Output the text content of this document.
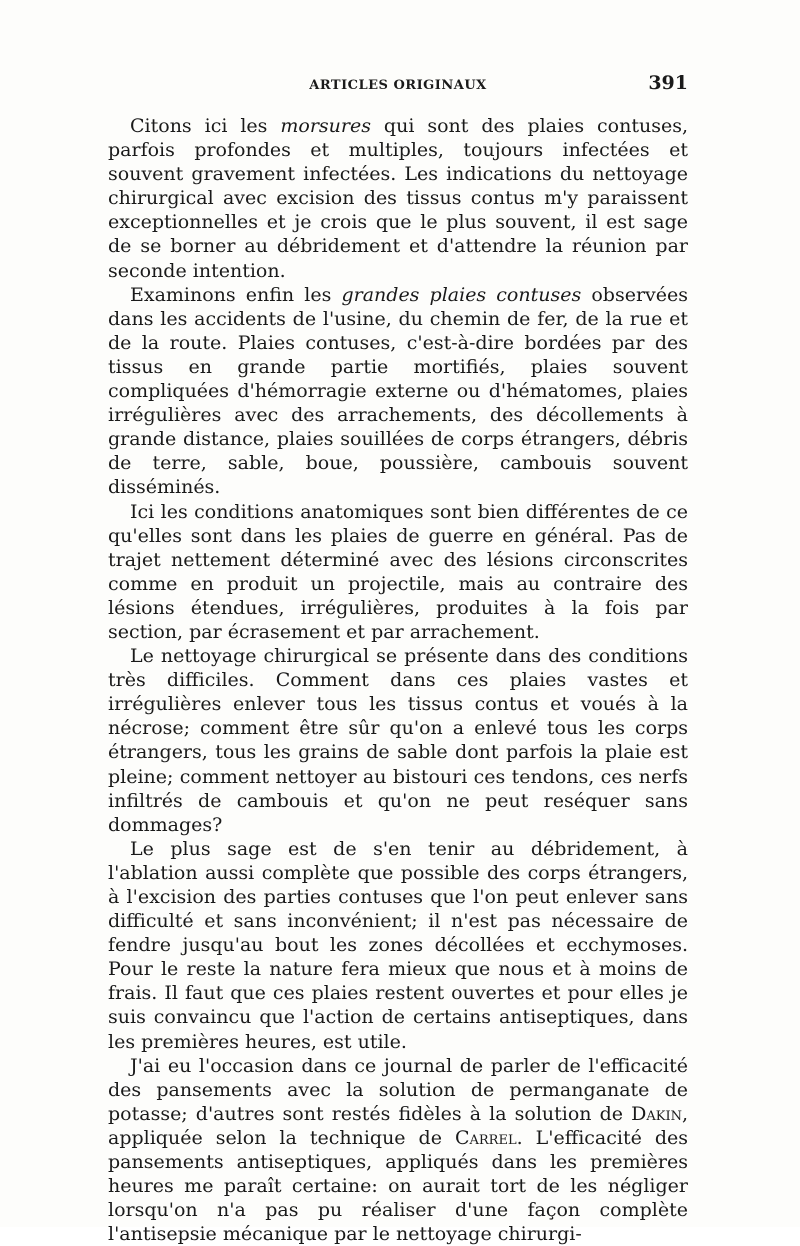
ARTICLES ORIGINAUX	391

Citons ici les morsures qui sont des plaies contuses, parfois profondes et multiples, toujours infectées et souvent gravement infectées. Les indications du nettoyage chirurgical avec excision des tissus contus m'y paraissent exceptionnelles et je crois que le plus souvent, il est sage de se borner au débridement et d'attendre la réunion par seconde intention.

Examinons enfin les grandes plaies contuses observées dans les accidents de l'usine, du chemin de fer, de la rue et de la route. Plaies contuses, c'est-à-dire bordées par des tissus en grande partie mortifiés, plaies souvent compliquées d'hémorragie externe ou d'hématomes, plaies irrégulières avec des arrachements, des décollements à grande distance, plaies souillées de corps étrangers, débris de terre, sable, boue, poussière, cambouis souvent disséminés.

Ici les conditions anatomiques sont bien différentes de ce qu'elles sont dans les plaies de guerre en général. Pas de trajet nettement déterminé avec des lésions circonscrites comme en produit un projectile, mais au contraire des lésions étendues, irrégulières, produites à la fois par section, par écrasement et par arrachement.

Le nettoyage chirurgical se présente dans des conditions très difficiles. Comment dans ces plaies vastes et irrégulières enlever tous les tissus contus et voués à la nécrose; comment être sûr qu'on a enlevé tous les corps étrangers, tous les grains de sable dont parfois la plaie est pleine; comment nettoyer au bistouri ces tendons, ces nerfs infiltrés de cambouis et qu'on ne peut reséquer sans dommages?

Le plus sage est de s'en tenir au débridement, à l'ablation aussi complète que possible des corps étrangers, à l'excision des parties contuses que l'on peut enlever sans difficulté et sans inconvénient; il n'est pas nécessaire de fendre jusqu'au bout les zones décollées et ecchymoses. Pour le reste la nature fera mieux que nous et à moins de frais. Il faut que ces plaies restent ouvertes et pour elles je suis convaincu que l'action de certains antiseptiques, dans les premières heures, est utile.

J'ai eu l'occasion dans ce journal de parler de l'efficacité des pansements avec la solution de permanganate de potasse; d'autres sont restés fidèles à la solution de Dakin, appliquée selon la technique de Carrel. L'efficacité des pansements antiseptiques, appliqués dans les premières heures me paraît certaine: on aurait tort de les négliger lorsqu'on n'a pas pu réaliser d'une façon complète l'antisepsie mécanique par le nettoyage chirurgi-
